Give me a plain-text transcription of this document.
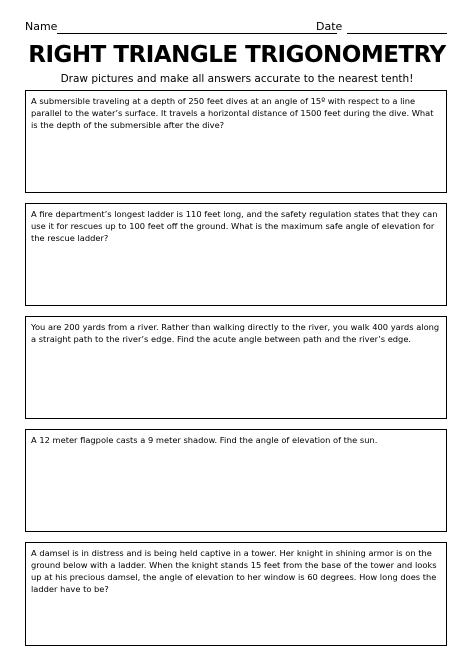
Name	Date
RIGHT TRIANGLE TRIGONOMETRY
Draw pictures and make all answers accurate to the nearest tenth!

A submersible traveling at a depth of 250 feet dives at an angle of 15º with respect to a line parallel to the water’s surface. It travels a horizontal distance of 1500 feet during the dive. What is the depth of the submersible after the dive?

A fire department’s longest ladder is 110 feet long, and the safety regulation states that they can use it for rescues up to 100 feet off the ground. What is the maximum safe angle of elevation for the rescue ladder?

You are 200 yards from a river. Rather than walking directly to the river, you walk 400 yards along a straight path to the river’s edge. Find the acute angle between path and the river’s edge.

A 12 meter flagpole casts a 9 meter shadow. Find the angle of elevation of the sun.

A damsel is in distress and is being held captive in a tower. Her knight in shining armor is on the ground below with a ladder. When the knight stands 15 feet from the base of the tower and looks up at his precious damsel, the angle of elevation to her window is 60 degrees. How long does the ladder have to be?
